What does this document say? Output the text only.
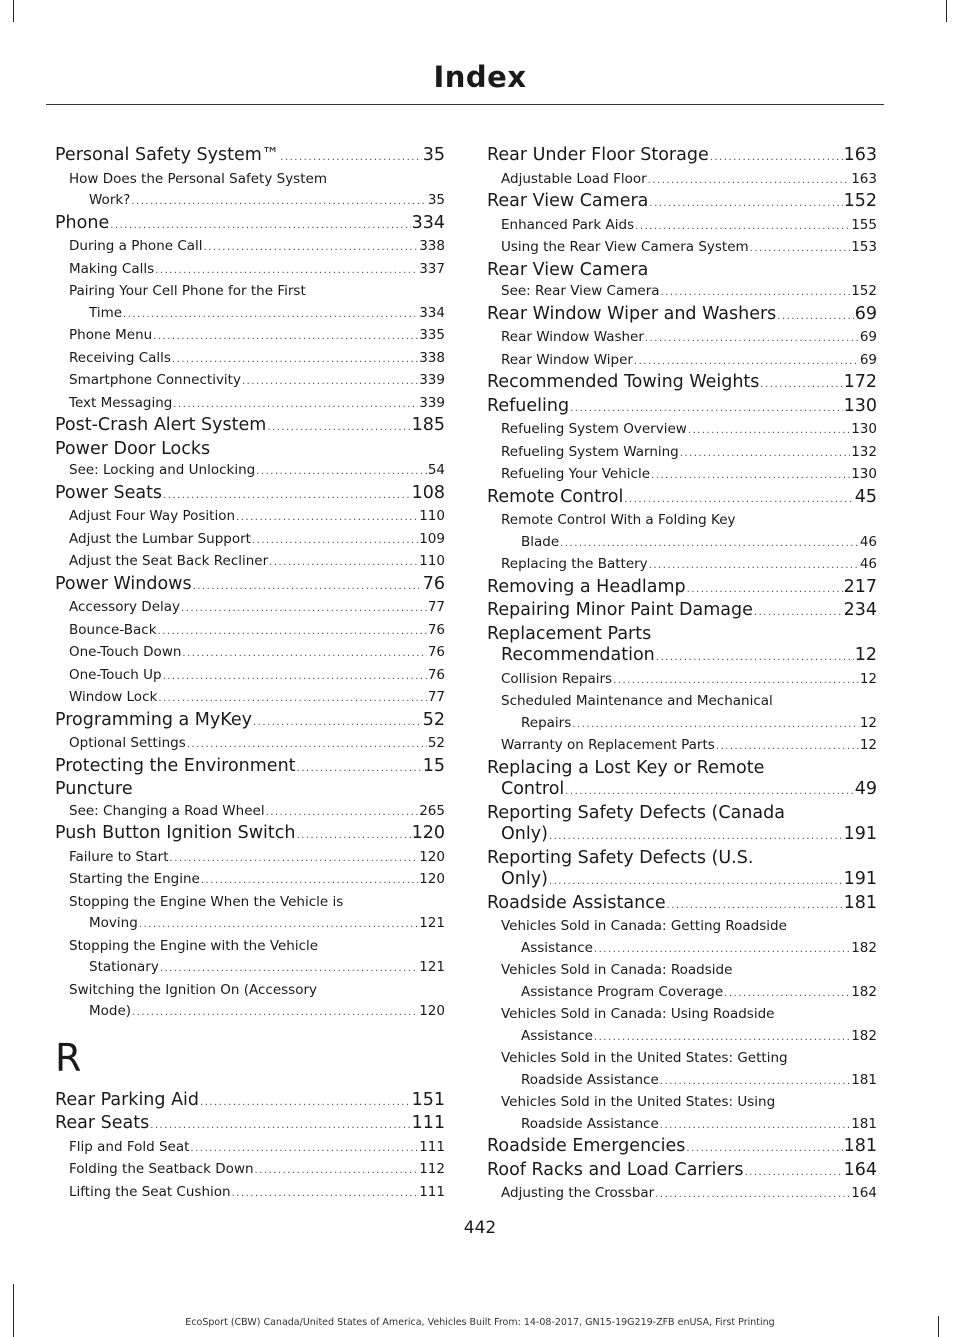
Index
Personal Safety System™ .....	35
How Does the Personal Safety System
Work? .....	35
Phone .....	334
During a Phone Call .....	338
Making Calls .....	337
Pairing Your Cell Phone for the First
Time .....	334
Phone Menu .....	335
Receiving Calls .....	338
Smartphone Connectivity .....	339
Text Messaging .....	339
Post-Crash Alert System .....	185
Power Door Locks
See: Locking and Unlocking .....	54
Power Seats .....	108
Adjust Four Way Position .....	110
Adjust the Lumbar Support .....	109
Adjust the Seat Back Recliner .....	110
Power Windows .....	76
Accessory Delay .....	77
Bounce-Back .....	76
One-Touch Down .....	76
One-Touch Up .....	76
Window Lock .....	77
Programming a MyKey .....	52
Optional Settings .....	52
Protecting the Environment .....	15
Puncture
See: Changing a Road Wheel .....	265
Push Button Ignition Switch .....	120
Failure to Start .....	120
Starting the Engine .....	120
Stopping the Engine When the Vehicle is
Moving .....	121
Stopping the Engine with the Vehicle
Stationary .....	121
Switching the Ignition On (Accessory
Mode) .....	120
R
Rear Parking Aid .....	151
Rear Seats .....	111
Flip and Fold Seat .....	111
Folding the Seatback Down .....	112
Lifting the Seat Cushion .....	111
Rear Under Floor Storage .....	163
Adjustable Load Floor .....	163
Rear View Camera .....	152
Enhanced Park Aids .....	155
Using the Rear View Camera System .....	153
Rear View Camera
See: Rear View Camera .....	152
Rear Window Wiper and Washers .....	69
Rear Window Washer .....	69
Rear Window Wiper .....	69
Recommended Towing Weights .....	172
Refueling .....	130
Refueling System Overview .....	130
Refueling System Warning .....	132
Refueling Your Vehicle .....	130
Remote Control .....	45
Remote Control With a Folding Key
Blade .....	46
Replacing the Battery .....	46
Removing a Headlamp .....	217
Repairing Minor Paint Damage .....	234
Replacement Parts
Recommendation .....	12
Collision Repairs .....	12
Scheduled Maintenance and Mechanical
Repairs .....	12
Warranty on Replacement Parts .....	12
Replacing a Lost Key or Remote
Control .....	49
Reporting Safety Defects (Canada
Only) .....	191
Reporting Safety Defects (U.S.
Only) .....	191
Roadside Assistance .....	181
Vehicles Sold in Canada: Getting Roadside
Assistance .....	182
Vehicles Sold in Canada: Roadside
Assistance Program Coverage .....	182
Vehicles Sold in Canada: Using Roadside
Assistance .....	182
Vehicles Sold in the United States: Getting
Roadside Assistance .....	181
Vehicles Sold in the United States: Using
Roadside Assistance .....	181
Roadside Emergencies .....	181
Roof Racks and Load Carriers .....	164
Adjusting the Crossbar .....	164
442
EcoSport (CBW) Canada/United States of America, Vehicles Built From: 14-08-2017, GN15-19G219-ZFB enUSA, First Printing
